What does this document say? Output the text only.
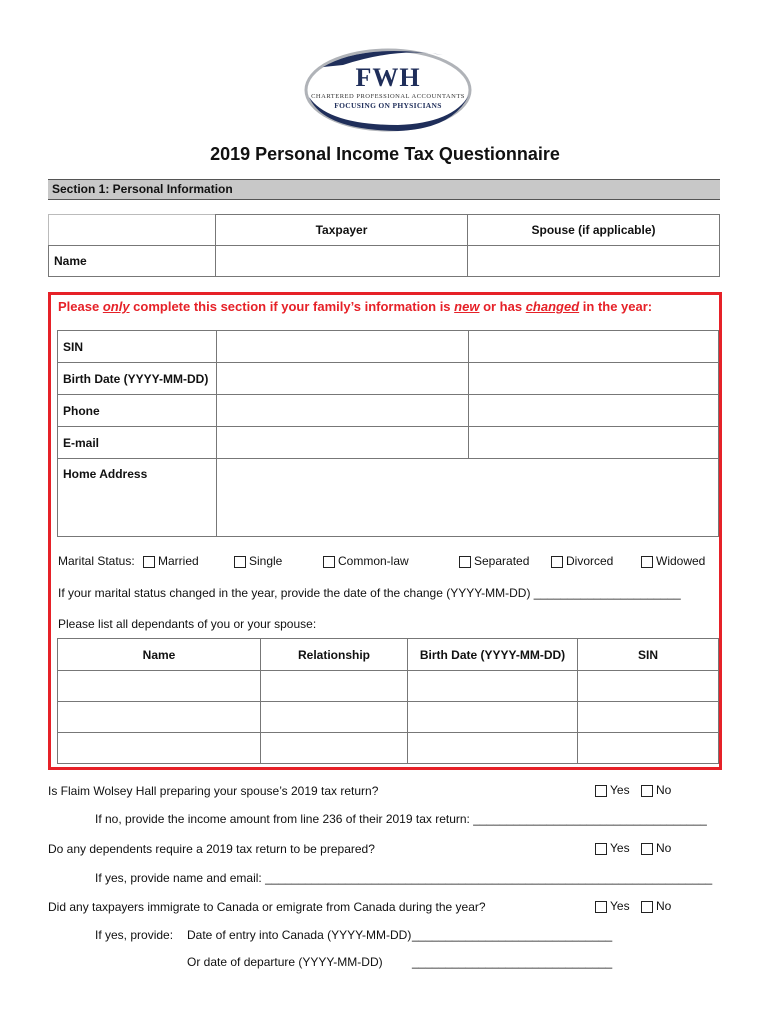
FWH
CHARTERED PROFESSIONAL ACCOUNTANTS
FOCUSING ON PHYSICIANS
2019 Personal Income Tax Questionnaire
Section 1: Personal Information
	Taxpayer	Spouse (if applicable)
Name		
Please only complete this section if your family’s information is new or has changed in the year:
SIN		
Birth Date (YYYY-MM-DD)		
Phone		
E-mail		
Home Address		
Marital Status:	Married	Single	Common-law	Separated	Divorced	Widowed
If your marital status changed in the year, provide the date of the change (YYYY-MM-DD) ______________________
Please list all dependants of you or your spouse:
Name	Relationship	Birth Date (YYYY-MM-DD)	SIN

Is Flaim Wolsey Hall preparing your spouse’s 2019 tax return?	Yes	No
If no, provide the income amount from line 236 of their 2019 tax return: ___________________________________
Do any dependents require a 2019 tax return to be prepared?	Yes	No
If yes, provide name and email: ___________________________________________________________________
Did any taxpayers immigrate to Canada or emigrate from Canada during the year?	Yes	No
If yes, provide: Date of entry into Canada (YYYY-MM-DD) ______________________________
Or date of departure (YYYY-MM-DD) ______________________________
